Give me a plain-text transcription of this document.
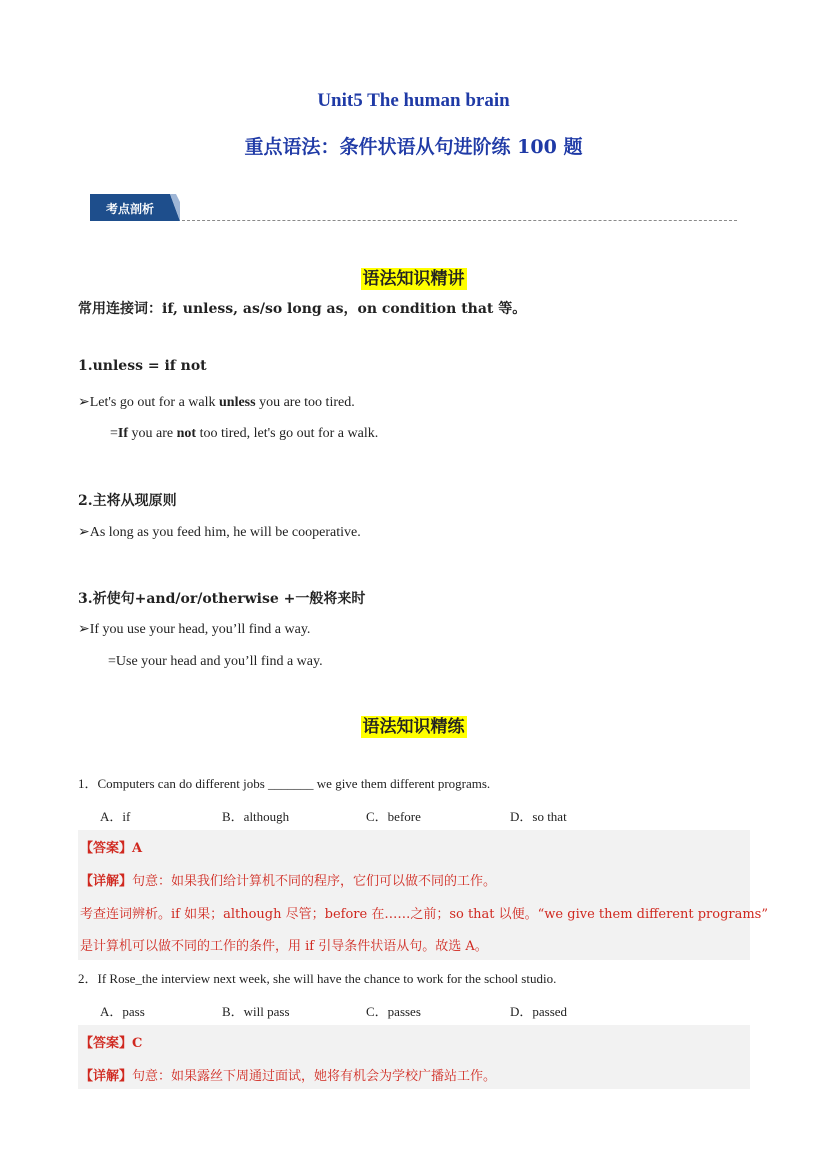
Unit5 The human brain
重点语法：条件状语从句进阶练 100 题
考点剖析
语法知识精讲
常用连接词：if, unless, as/so long as，on condition that 等。
1.unless = if not
➢Let's go out for a walk unless you are too tired.
=If you are not too tired, let's go out for a walk.
2.主将从现原则
➢As long as you feed him, he will be cooperative.
3.祈使句+and/or/otherwise +一般将来时
➢If you use your head, you’ll find a way.
=Use your head and you’ll find a way.
语法知识精练
1．Computers can do different jobs _______ we give them different programs.
A．if	B．although	C．before	D．so that
【答案】A
【详解】句意：如果我们给计算机不同的程序，它们可以做不同的工作。
考查连词辨析。if 如果；although 尽管；before 在……之前；so that 以便。“we give them different programs”
是计算机可以做不同的工作的条件，用 if 引导条件状语从句。故选 A。
2．If Rose_the interview next week, she will have the chance to work for the school studio.
A．pass	B．will pass	C．passes	D．passed
【答案】C
【详解】句意：如果露丝下周通过面试，她将有机会为学校广播站工作。
